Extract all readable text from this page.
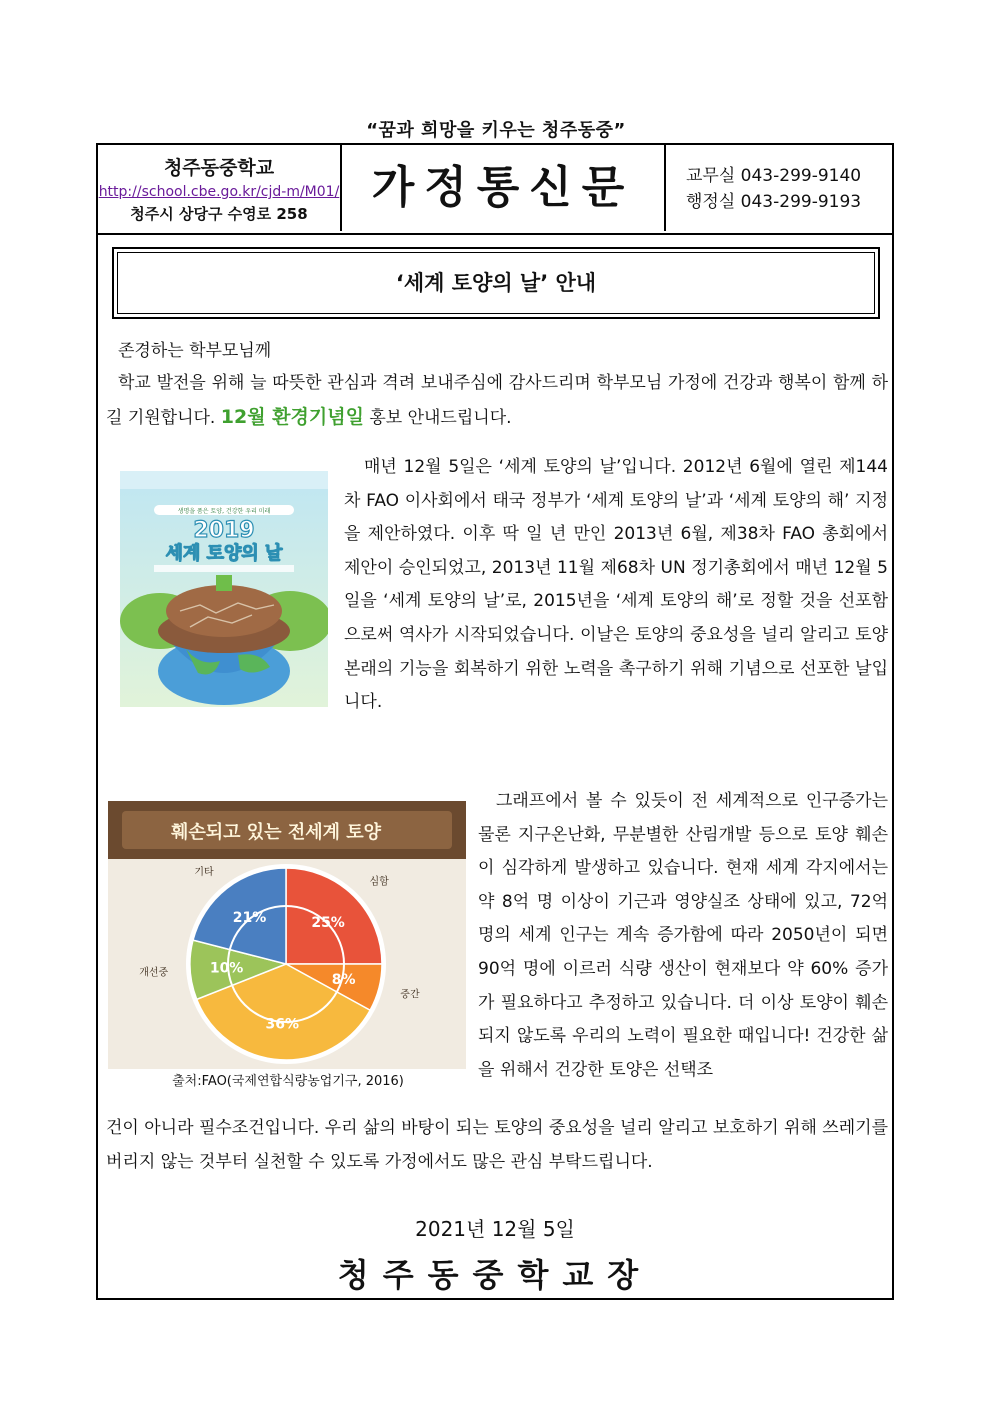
“꿈과 희망을 키우는 청주동중”
청주동중학교
http://school.cbe.go.kr/cjd-m/M01/
청주시 상당구 수영로 258
가정통신문	교무실 043-299-9140
행정실 043-299-9193
‘세계 토양의 날’ 안내
존경하는 학부모님께
학교 발전을 위해 늘 따뜻한 관심과 격려 보내주심에 감사드리며 학부모님 가정에 건강과 행복이 함께 하길 기원합니다. 12월 환경기념일 홍보 안내드립니다.
생명을 품은 토양, 건강한 우리 미래
2019
세계 토양의 날
매년 12월 5일은 ‘세계 토양의 날’입니다. 2012년 6월에 열린 제144차 FAO 이사회에서 태국 정부가 ‘세계 토양의 날’과 ‘세계 토양의 해’ 지정을 제안하였다. 이후 딱 일 년 만인 2013년 6월, 제38차 FAO 총회에서 제안이 승인되었고, 2013년 11월 제68차 UN 정기총회에서 매년 12월 5일을 ‘세계 토양의 날’로, 2015년을 ‘세계 토양의 해’로 정할 것을 선포함으로써 역사가 시작되었습니다. 이날은 토양의 중요성을 널리 알리고 토양 본래의 기능을 회복하기 위한 노력을 촉구하기 위해 기념으로 선포한 날입니다.
훼손되고 있는 전세계 토양
25%
8%
36%
10%
21%
심함
중간
개선중
기타
출처:FAO(국제연합식량농업기구, 2016)
그래프에서 볼 수 있듯이 전 세계적으로 인구증가는 물론 지구온난화, 무분별한 산림개발 등으로 토양 훼손이 심각하게 발생하고 있습니다. 현재 세계 각지에서는 약 8억 명 이상이 기근과 영양실조 상태에 있고, 72억 명의 세계 인구는 계속 증가함에 따라 2050년이 되면 90억 명에 이르러 식량 생산이 현재보다 약 60% 증가가 필요하다고 추정하고 있습니다. 더 이상 토양이 훼손되지 않도록 우리의 노력이 필요한 때입니다! 건강한 삶을 위해서 건강한 토양은 선택조
건이 아니라 필수조건입니다. 우리 삶의 바탕이 되는 토양의 중요성을 널리 알리고 보호하기 위해 쓰레기를 버리지 않는 것부터 실천할 수 있도록 가정에서도 많은 관심 부탁드립니다.
2021년 12월 5일
청주동중학교장
